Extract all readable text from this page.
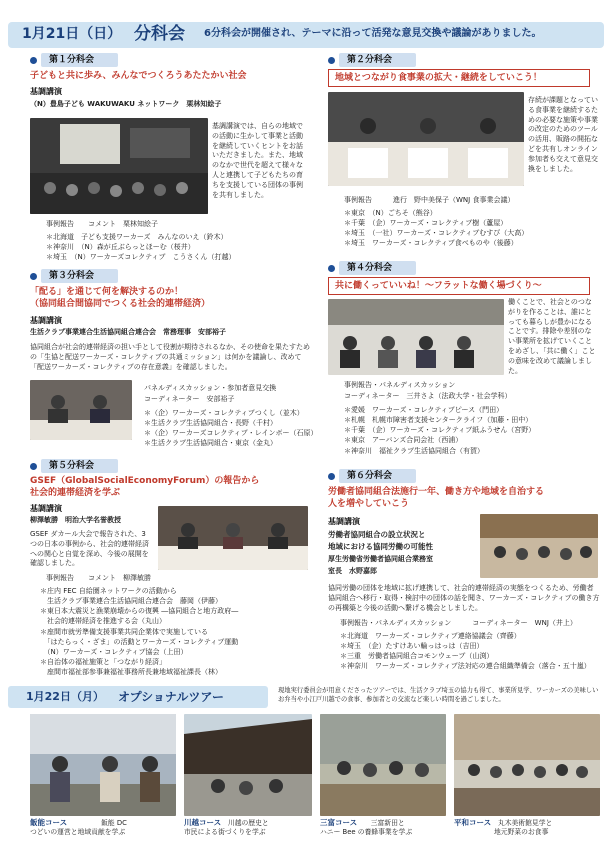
1月21日（日） 分科会 6分科会が開催され、テーマに沿って活発な意見交換や議論がありました。
第１分科会
子どもと共に歩み、みんなでつくろうあたたかい社会
基調講演
（N）豊島子ども WAKUWAKU ネットワーク　栗林知絵子
基調講演では、自らの地域での活動に生かして事業と活動を継続していくヒントをお話いただきました。また、地域のなかで世代を超えて様々な人と連携して子どもたちの育ちを支援している団体の事例を共有しました。
事例報告　　コメント　栗林知絵子
＊北海道　子ども支援ワーカーズ　みんなのいえ（鈴木）
＊神奈川　（N）森が丘ぶらっとほーむ（桜井）
＊埼玉　（N）ワーカーズコレクティブ　こうさくん（打越）
第３分科会
「配る」を通じて何を解決するのか！
（協同組合間協同でつくる社会的連帯経済）
基調講演
生活クラブ事業連合生活協同組合連合会　常務理事　安部裕子
協同組合が社会的連帯経済の担い手として役割が期待されるなか、その使命を果たすための「生協と配送ワーカーズ・コレクティブの共通ミッション」は何かを議論し、改めて「配送ワーカーズ・コレクティブの存在意義」を確認しました。
パネルディスカッション・参加者意見交換
コーディネーター　安部裕子
＊（企）ワーカーズ・コレクティブつくし（並木）
＊生活クラブ生活協同組合・長野（千村）
＊（企）ワーカーズコレクティブ・レインボー（石原）
＊生活クラブ生活協同組合・東京（金丸）
第５分科会
GSEF（GlobalSocialEconomyForum）の報告から
社会的連帯経済を学ぶ
基調講演
柳澤敏勝　明治大学名誉教授
GSEF ダカール大会で報告された、3つの日本の事例から、社会的連帯経済への関心と自覚を深め、今後の展開を確認しました。
事例報告　　コメント　柳澤敏勝
＊庄内 FEC 自給圏ネットワークの活動から
　生活クラブ事業連合生活協同組合連合会　藤岡（伊藤）
＊東日本大震災と漁業崩壊からの復興 ―協同組合と地方政府―
　社会的連帯経済を推進する会（丸山）
＊座間市就労準備支援事業共同企業体で実施している
　「はたらっく・ざま」の活動とワーカーズ・コレクティブ運動
　（N）ワーカーズ・コレクティブ協会（上田）
＊自治体の福祉施策と「つながり経済」
　座間市福祉部参事兼福祉事務所長兼地域福祉課長（林）
第２分科会
地域とつながり食事業の拡大・継続をしていこう！
存続が課題となっている食事業を継続するための必要な施策や事業の改定のためのツールの活用、販路の開拓などを共有しオンライン参加者も交えて意見交換をしました。
事例報告　　　進行　野中美保子（WNJ 食事業会議）
＊東京　（N）ごちそ（熊谷）
＊千葉　（企）ワーカーズ・コレクティブ樹（蘆屋）
＊埼玉　（一社）ワーカーズ・コレクティブむすび（大高）
＊埼玉　ワーカーズ・コレクティブ食べものや（後藤）
第４分科会
共に働くっていいね！～フラットな働く場づくり～
働くことで、社会とのつながりを作ることは、誰にとっても暮らしが豊かになることです。排除や差別のない事業所を拡げていくことをめざし、「共に働く」ことの意味を改めて議論しました。
事例報告・パネルディスカッション
コーディネーター　三井さよ（法政大学・社会学科）
＊愛媛　ワーカーズ・コレクティブピース（門田）
＊札幌　札幌市障害者支援センタークライフ（加藤・田中）
＊千葉　（企）ワーカーズ・コレクティブ紙ふうせん（宮野）
＊東京　アーバンズ合同会社（西浦）
＊神奈川　福祉クラブ生活協同組合（有賀）
第６分科会
労働者協同組合法施行一年、働き方や地域を自治する
人を増やしていこう
基調講演
労働者協同組合の設立状況と
地域における協同労働の可能性
厚生労働省労働者協同組合業務室
室長　水野嘉郎
協同労働の団体を地域に拡げ連携して、社会的連帯経済の実態をつくるため、労働者協同組合へ移行・取得・検討中の団体の話を聞き、ワーカーズ・コレクティブの働き方の再構築と今後の活動へ繋げる機会としました。
事例報告・パネルディスカッション　　　コーディネーター　WNJ（井上）
＊北海道　ワーカーズ・コレクティブ連絡協議会（齊藤）
＊埼玉　（企）たすけあい輪っはっは（吉田）
＊三重　労働者協同組合コモンウェーブ（山渕）
＊神奈川　ワーカーズ・コレクティブ法対応の連合組織準備会（落合・五十嵐）
1月22日（月） オプショナルツアー	現地実行委員会が用意くださったツアーでは、生活クラブ埼玉の協力も得て、事業所見学、ワーカーズの美味しいお弁当や小江戸川越での食事、参加者との交流など楽しい時間を過ごしました。
飯能コース　　　　　	飯能 DC
つどいの運営と地域貢献を学ぶ
川越コース　 川越の歴史と
市民による街づくりを学ぶ
三富コース　　 三富新田と
ハニー Bee の養蜂事業を学ぶ
平和コース　 丸木美術館見学と
地元野菜のお食事
